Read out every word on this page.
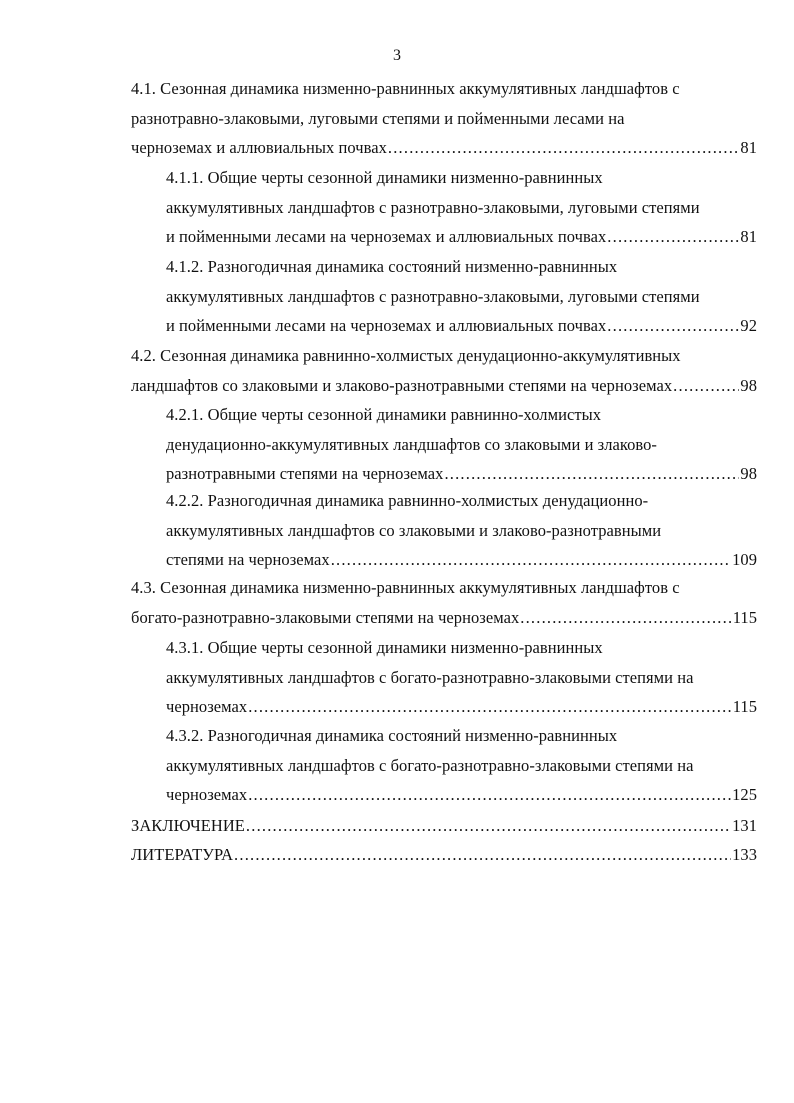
3
4.1. Сезонная динамика низменно-равнинных аккумулятивных ландшафтов с
разнотравно-злаковыми, луговыми степями и пойменными лесами на
черноземах и аллювиальных почвах .....	81
4.1.1. Общие черты сезонной динамики низменно-равнинных
аккумулятивных ландшафтов с разнотравно-злаковыми, луговыми степями
и пойменными лесами на черноземах и аллювиальных почвах .....	81
4.1.2. Разногодичная динамика состояний низменно-равнинных
аккумулятивных ландшафтов с разнотравно-злаковыми, луговыми степями
и пойменными лесами на черноземах и аллювиальных почвах .....	92
4.2. Сезонная динамика равнинно-холмистых денудационно-аккумулятивных
ландшафтов со злаковыми и злаково-разнотравными степями на черноземах .....	98
4.2.1. Общие черты сезонной динамики равнинно-холмистых
денудационно-аккумулятивных ландшафтов со злаковыми и злаково-
разнотравными степями на черноземах .....	98
4.2.2. Разногодичная динамика равнинно-холмистых денудационно-
аккумулятивных ландшафтов со злаковыми и злаково-разнотравными
степями на черноземах .....	109
4.3. Сезонная динамика низменно-равнинных аккумулятивных ландшафтов с
богато-разнотравно-злаковыми степями на черноземах .....	115
4.3.1. Общие черты сезонной динамики низменно-равнинных
аккумулятивных ландшафтов с богато-разнотравно-злаковыми степями на
черноземах .....	115
4.3.2. Разногодичная динамика состояний низменно-равнинных
аккумулятивных ландшафтов с богато-разнотравно-злаковыми степями на
черноземах .....	125
ЗАКЛЮЧЕНИЕ .....	131
ЛИТЕРАТУРА .....	133
